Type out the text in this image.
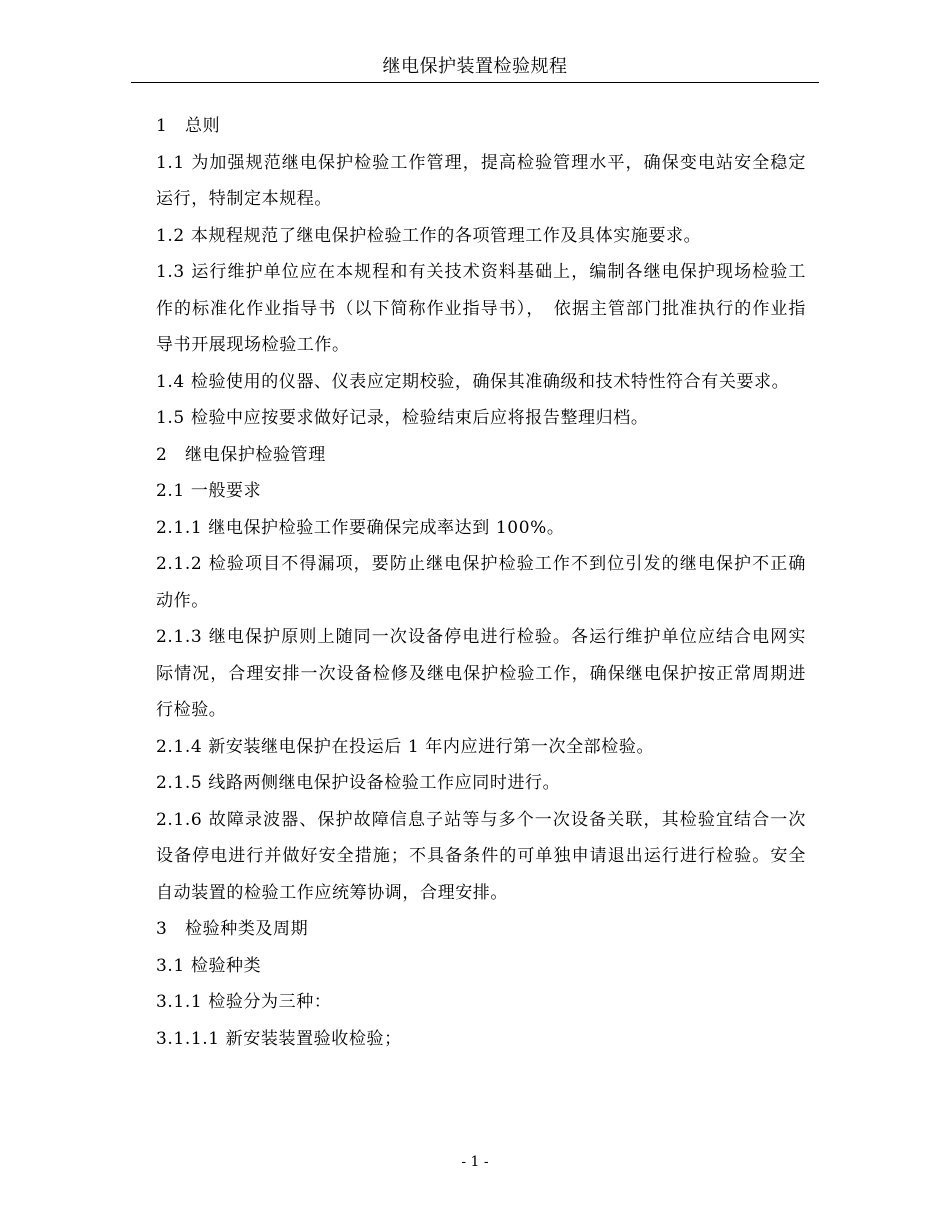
继电保护装置检验规程

1　总则

1.1 为加强规范继电保护检验工作管理，提高检验管理水平，确保变电站安全稳定运行，特制定本规程。

1.2 本规程规范了继电保护检验工作的各项管理工作及具体实施要求。

1.3 运行维护单位应在本规程和有关技术资料基础上，编制各继电保护现场检验工作的标准化作业指导书（以下简称作业指导书），　依据主管部门批准执行的作业指导书开展现场检验工作。

1.4 检验使用的仪器、仪表应定期校验，确保其准确级和技术特性符合有关要求。

1.5 检验中应按要求做好记录，检验结束后应将报告整理归档。

2　继电保护检验管理

2.1 一般要求

2.1.1 继电保护检验工作要确保完成率达到 100%。

2.1.2 检验项目不得漏项，要防止继电保护检验工作不到位引发的继电保护不正确动作。

2.1.3 继电保护原则上随同一次设备停电进行检验。各运行维护单位应结合电网实际情况，合理安排一次设备检修及继电保护检验工作，确保继电保护按正常周期进行检验。

2.1.4 新安装继电保护在投运后 1 年内应进行第一次全部检验。

2.1.5 线路两侧继电保护设备检验工作应同时进行。

2.1.6 故障录波器、保护故障信息子站等与多个一次设备关联，其检验宜结合一次设备停电进行并做好安全措施；不具备条件的可单独申请退出运行进行检验。安全自动装置的检验工作应统筹协调，合理安排。

3　检验种类及周期

3.1 检验种类

3.1.1 检验分为三种：

3.1.1.1 新安装装置验收检验；

- 1 -
